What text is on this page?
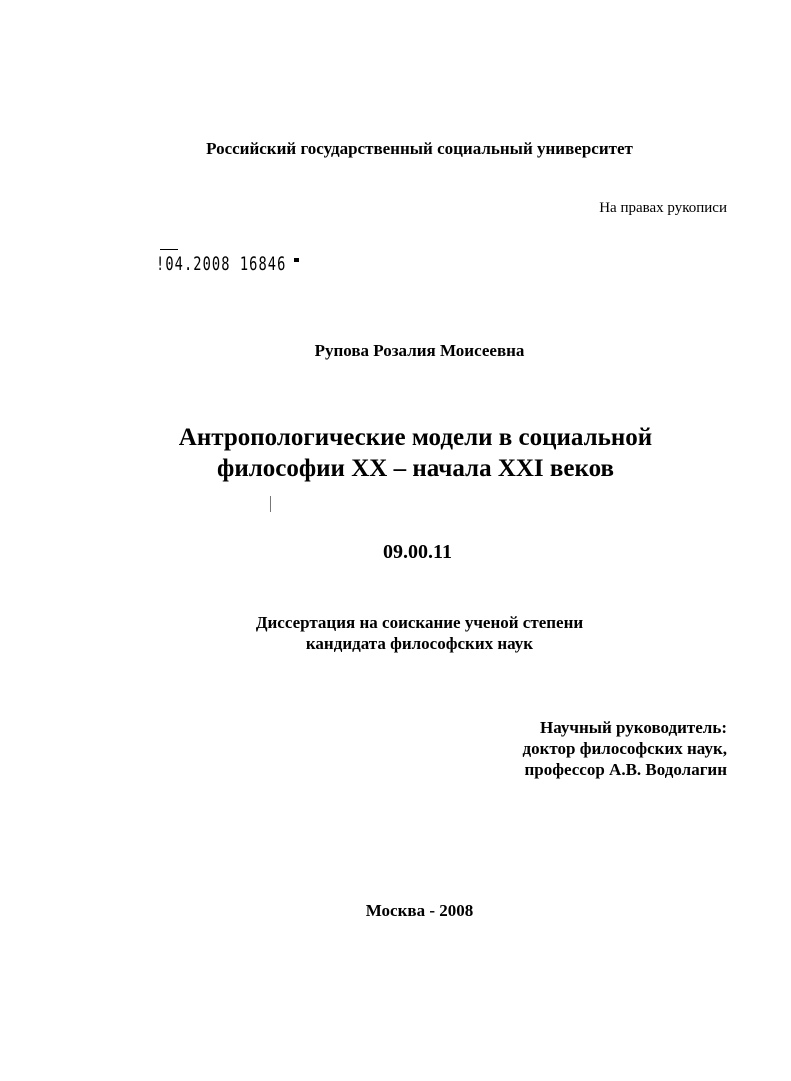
Российский государственный социальный университет
На правах рукописи
!04.2008 16846
Рупова Розалия Моисеевна
Антропологические модели в социальной
философии XX – начала XXI веков
09.00.11
Диссертация на соискание ученой степени
кандидата философских наук
Научный руководитель:
доктор философских наук,
профессор А.В. Водолагин
Москва - 2008
